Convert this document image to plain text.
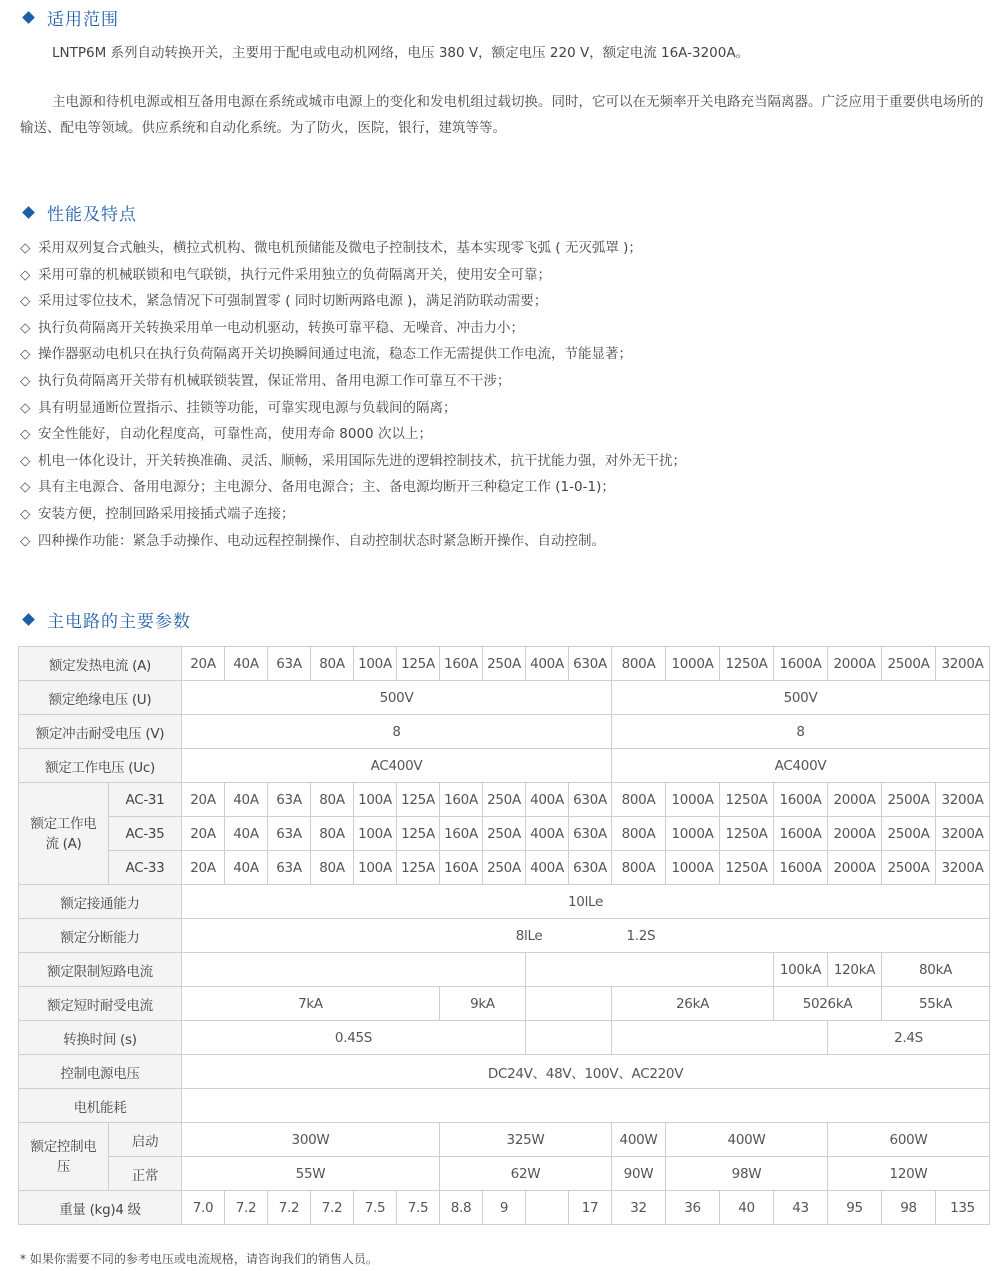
适用范围
LNTP6M 系列自动转换开关，主要用于配电或电动机网络，电压 380 V，额定电压 220 V，额定电流 16A-3200A。
主电源和待机电源或相互备用电源在系统或城市电源上的变化和发电机组过载切换。同时，它可以在无频率开关电路充当隔离器。广泛应用于重要供电场所的输送、配电等领域。供应系统和自动化系统。为了防火，医院，银行，建筑等等。
性能及特点
◇ 采用双列复合式触头，横拉式机构、微电机预储能及微电子控制技术，基本实现零飞弧 ( 无灭弧罩 )；
◇ 采用可靠的机械联锁和电气联锁，执行元件采用独立的负荷隔离开关，使用安全可靠；
◇ 采用过零位技术，紧急情况下可强制置零 ( 同时切断两路电源 )，满足消防联动需要；
◇ 执行负荷隔离开关转换采用单一电动机驱动，转换可靠平稳、无噪音、冲击力小；
◇ 操作器驱动电机只在执行负荷隔离开关切换瞬间通过电流，稳态工作无需提供工作电流，节能显著；
◇ 执行负荷隔离开关带有机械联锁装置，保证常用、备用电源工作可靠互不干涉；
◇ 具有明显通断位置指示、挂锁等功能，可靠实现电源与负载间的隔离；
◇ 安全性能好，自动化程度高，可靠性高，使用寿命 8000 次以上；
◇ 机电一体化设计，开关转换准确、灵活、顺畅，采用国际先进的逻辑控制技术，抗干扰能力强，对外无干扰；
◇ 具有主电源合、备用电源分；主电源分、备用电源合；主、备电源均断开三种稳定工作 (1-0-1)；
◇ 安装方便，控制回路采用接插式端子连接；
◇ 四种操作功能：紧急手动操作、电动远程控制操作、自动控制状态时紧急断开操作、自动控制。
主电路的主要参数
额定发热电流 (A)		20A	40A	63A	80A	100A	125A	160A	250A	400A	630A	800A	1000A	1250A	1600A	2000A	2500A	3200A
额定绝缘电压 (U)		500V										500V						
额定冲击耐受电压 (V)		8										8						
额定工作电压 (Uc)		AC400V										AC400V						
额定工作电流 (A)	AC-31	20A	40A	63A	80A	100A	125A	160A	250A	400A	630A	800A	1000A	1250A	1600A	2000A	2500A	3200A
	AC-35	20A	40A	63A	80A	100A	125A	160A	250A	400A	630A	800A	1000A	1250A	1600A	2000A	2500A	3200A
	AC-33	20A	40A	63A	80A	100A	125A	160A	250A	400A	630A	800A	1000A	1250A	1600A	2000A	2500A	3200A
额定接通能力		10lLe																
额定分断能力		8lLe 1.2S																
额定限制短路电流															100kA	120kA	80kA	
额定短时耐受电流		7kA						9kA				26kA			5026kA		55kA	
转换时间 (s)		0.45S														2.4S		
控制电源电压		DC24V、48V、100V、AC220V																
电机能耗																		
额定控制电压	启动	300W						325W				400W	400W			600W		
	正常	55W						62W				90W	98W			120W		
重量 (kg)4 级		7.0	7.2	7.2	7.2	7.5	7.5	8.8	9		17	32	36	40	43	95	98	135
* 如果你需要不同的参考电压或电流规格，请咨询我们的销售人员。
